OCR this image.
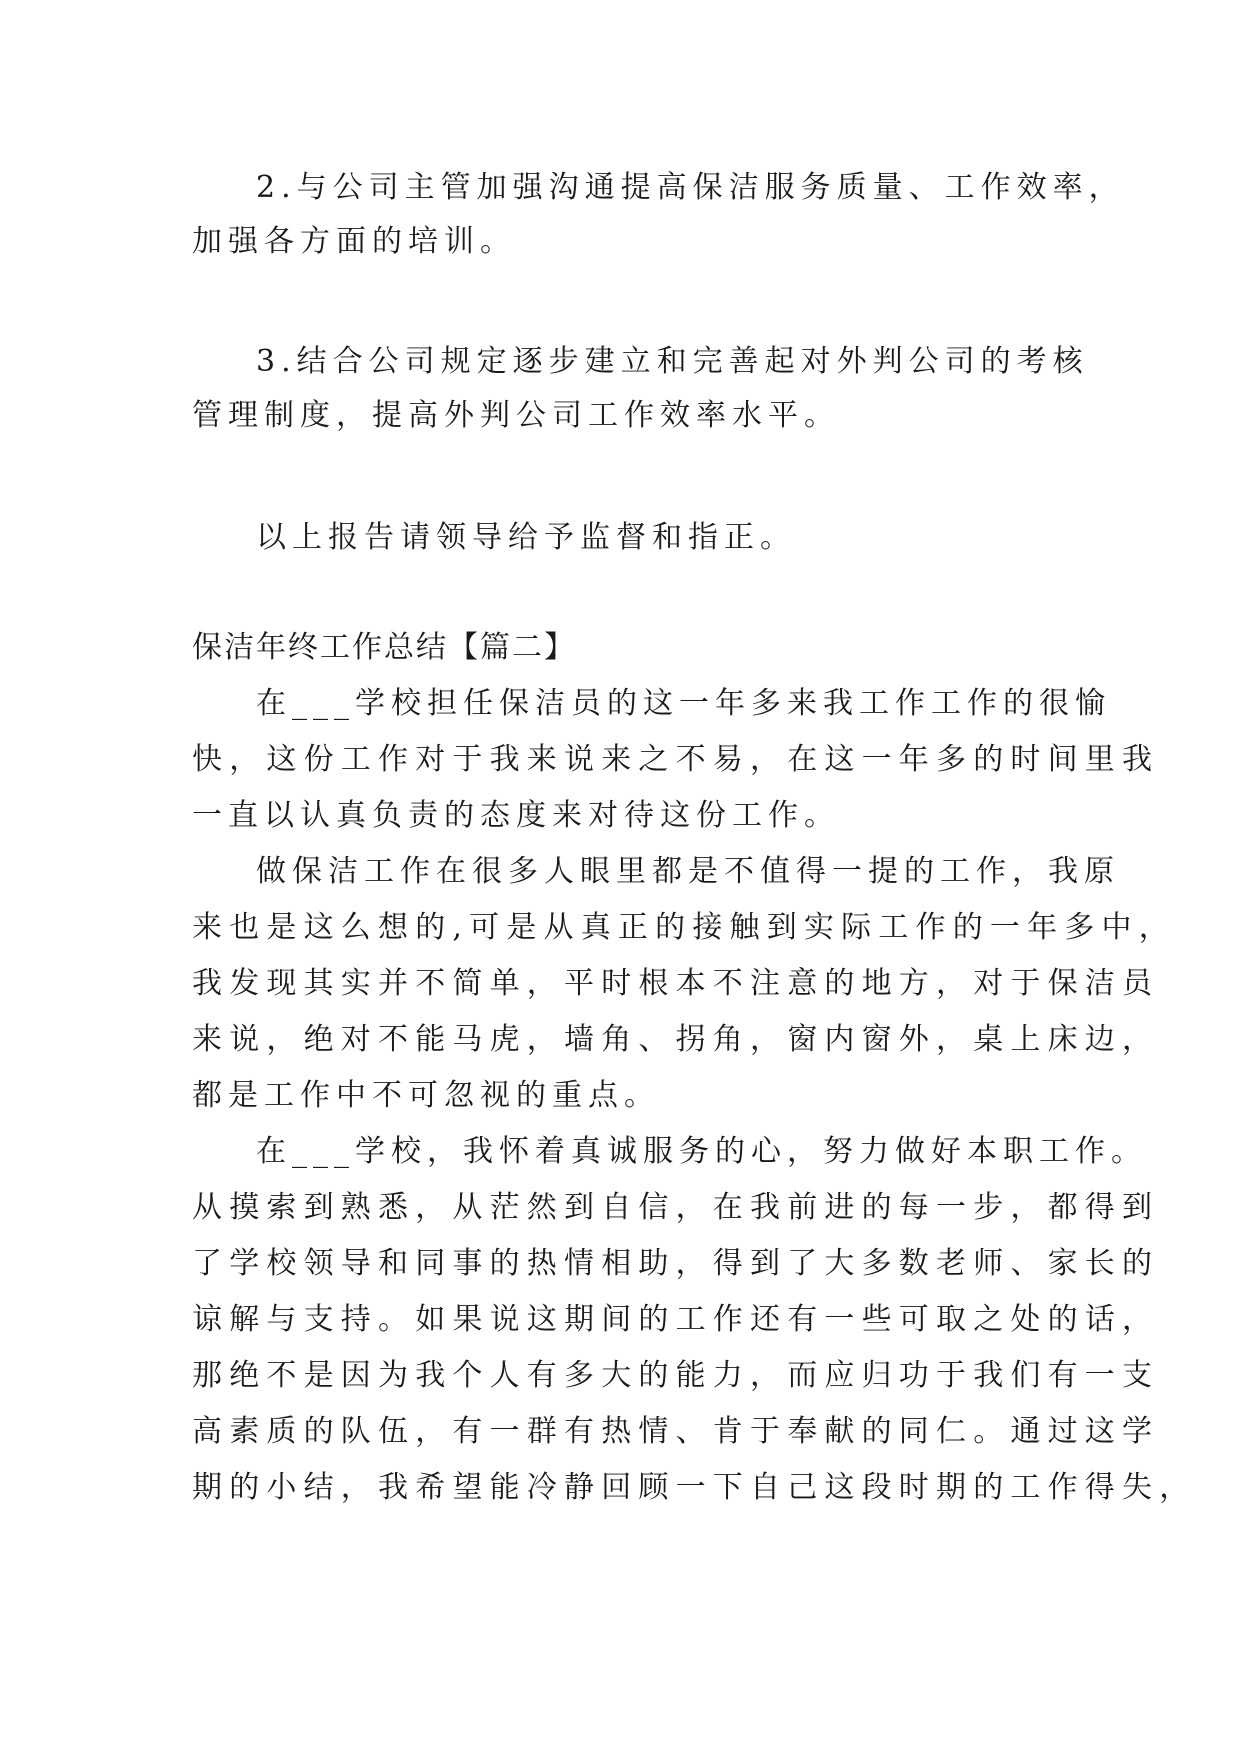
2.与公司主管加强沟通提高保洁服务质量、工作效率，
加强各方面的培训。
3.结合公司规定逐步建立和完善起对外判公司的考核
管理制度，提高外判公司工作效率水平。
以上报告请领导给予监督和指正。
保洁年终工作总结【篇二】
在___学校担任保洁员的这一年多来我工作工作的很愉
快，这份工作对于我来说来之不易，在这一年多的时间里我
一直以认真负责的态度来对待这份工作。
做保洁工作在很多人眼里都是不值得一提的工作，我原
来也是这么想的,可是从真正的接触到实际工作的一年多中，
我发现其实并不简单，平时根本不注意的地方，对于保洁员
来说，绝对不能马虎，墙角、拐角，窗内窗外，桌上床边，
都是工作中不可忽视的重点。
在___学校，我怀着真诚服务的心，努力做好本职工作。
从摸索到熟悉，从茫然到自信，在我前进的每一步，都得到
了学校领导和同事的热情相助，得到了大多数老师、家长的
谅解与支持。如果说这期间的工作还有一些可取之处的话，
那绝不是因为我个人有多大的能力，而应归功于我们有一支
高素质的队伍，有一群有热情、肯于奉献的同仁。通过这学
期的小结，我希望能冷静回顾一下自己这段时期的工作得失，
